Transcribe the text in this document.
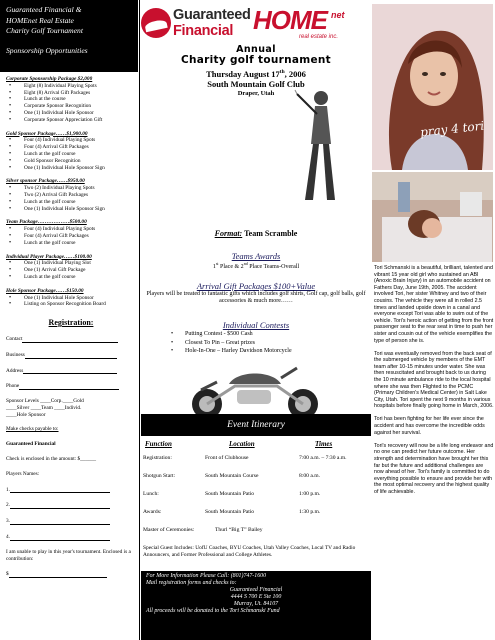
Guaranteed Financial &
HOMEnet Real Estate
Charity Golf Tournament
Sponsorship Opportunities
Corporate Sponsorship Package $2,000
• Eight (8) Individual Playing Spots
• Eight (8) Arrival Gift Packages
• Lunch at the course
• Corporate Sponsor Recognition
• One (1) Individual Hole Sponsor
• Corporate Sponsor Appreciation Gift
Gold Sponsor Package……$1,900.00
• Four (4) Individual Playing Spots
• Four (4) Arrival Gift Packages
• Lunch at the golf course
• Gold Sponsor Recognition
• One (1) Individual Hole Sponsor Sign
Silver sponsor Package……$950.00
• Two (2) Individual Playing Spots
• Two (2) Arrival Gift Packages
• Lunch at the golf course
• One (1) Individual Hole Sponsor Sign
Team Package………………$500.00
• Four (4) Individual Playing Spots
• Four (4) Arrival Gift Packages
• Lunch at the golf course
Individual Player Package……$100.00
• One (1) Individual Playing Slot
• One (1) Arrival Gift Package
• Lunch at the golf course
Hole Sponsor Package……$150.00
• One (1) Individual Hole Sponsor
• Listing on Sponsor Recognition Board
Registration:
Contact
Business
Address
Phone
Sponsor Levels ____Corp.____Gold
____Silver ____Team ____Individ.
____Hole Sponsor
Make checks payable to:
Guaranteed Financial
Check is enclosed in the amount: $______
Players Names:
1.
2.
3.
4.
I am unable to play in this year's tournament. Enclosed is a contribution:
$
Guaranteed
Financial HOME net
real estate inc.
Annual
Charity golf tournament
Thursday August 17th, 2006
South Mountain Golf Club
Draper, Utah
pray 4 tori
Format: Team Scramble
Teams Awards
1st Place & 2nd Place Teams-Overall
Arrival Gift Packages $100+Value
Players will be treated to fantastic gifts which includes golf shirts, Golf cap, golf balls, golf accessories & much more……
Individual Contests
• Putting Contest - $500 Cash
• Closest To Pin – Great prizes
• Hole-In-One – Harley Davidson Motorcycle
Event Itinerary
Function	Location	Times
Registration:	Front of Clubhouse	7:00 a.m. – 7:30 a.m.
Shotgun Start:	South Mountain Course	8:00 a.m.
Lunch:	South Mountain Patio	1:00 p.m.
Awards:	South Mountain Patio	1:30 p.m.
Master of Ceremonies:	Thurl “Big T” Bailey
Special Guest Includes: UofU Coaches, BYU Coaches, Utah Valley Coaches, Local TV and Radio Announcers, and Former Professional and College Athletes.
For More Information Please Call: (801)747-1600
Mail registration forms and checks to:
Guaranteed Financial
4444 S 700 E Ste 100
Murray, Ut. 84107
All proceeds will be donated to the Tori Schmanski Fund

Tori Schmanski is a beautiful, brilliant, talented and vibrant 15 year old girl who sustained an ABI (Anoxic Brain Injury) in an automobile accident on Fathers Day, June 19th, 2005. The accident involved Tori, her sister Whitney and two of their cousins. The vehicle they were all in rolled 2.5 times and landed upside down in a canal and everyone except Tori was able to swim out of the vehicle. Tori's heroic action of getting from the front passenger seat to the rear seat in time to push her sister and cousin out of the vehicle exemplifies the type of person she is.

Tori was eventually removed from the back seat of the submerged vehicle by members of the EMT team after 10-15 minutes under water. She was then resuscitated and brought back to us during the 10 minute ambulance ride to the local hospital where she was then Flighted to the PCMC (Primary Children's Medical Center) in Salt Lake City, Utah. Tori spent the next 9 months in various hospitals before finally going home in March, 2006.

Tori has been fighting for her life ever since the accident and has overcome the incredible odds against her survival.

Tori's recovery will now be a life long endeavor and no one can predict her future outcome. Her strength and determination have brought her this far but the future and additional challenges are now ahead of her. Tori's family is committed to do everything possible to ensure and provide her with the most optimal recovery and the highest quality of life achievable.
